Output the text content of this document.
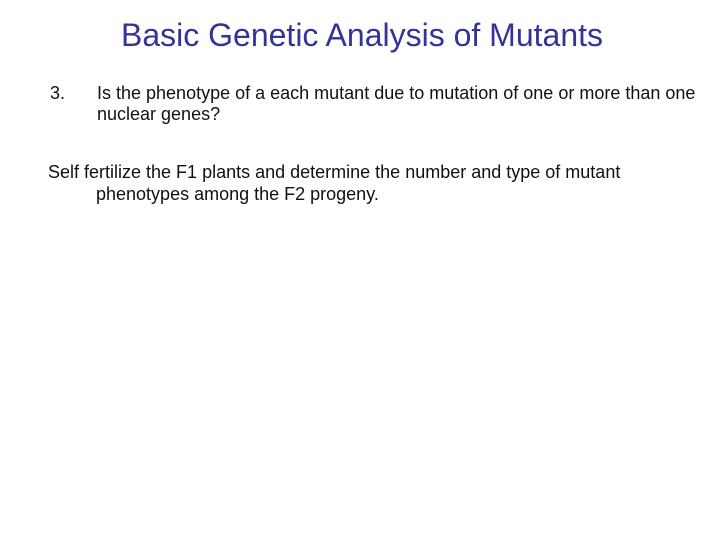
Basic Genetic Analysis of Mutants
3. Is the phenotype of a each mutant due to mutation of one or more than one nuclear genes?
Self fertilize the F1 plants and determine the number and type of mutant
phenotypes among the F2 progeny.
